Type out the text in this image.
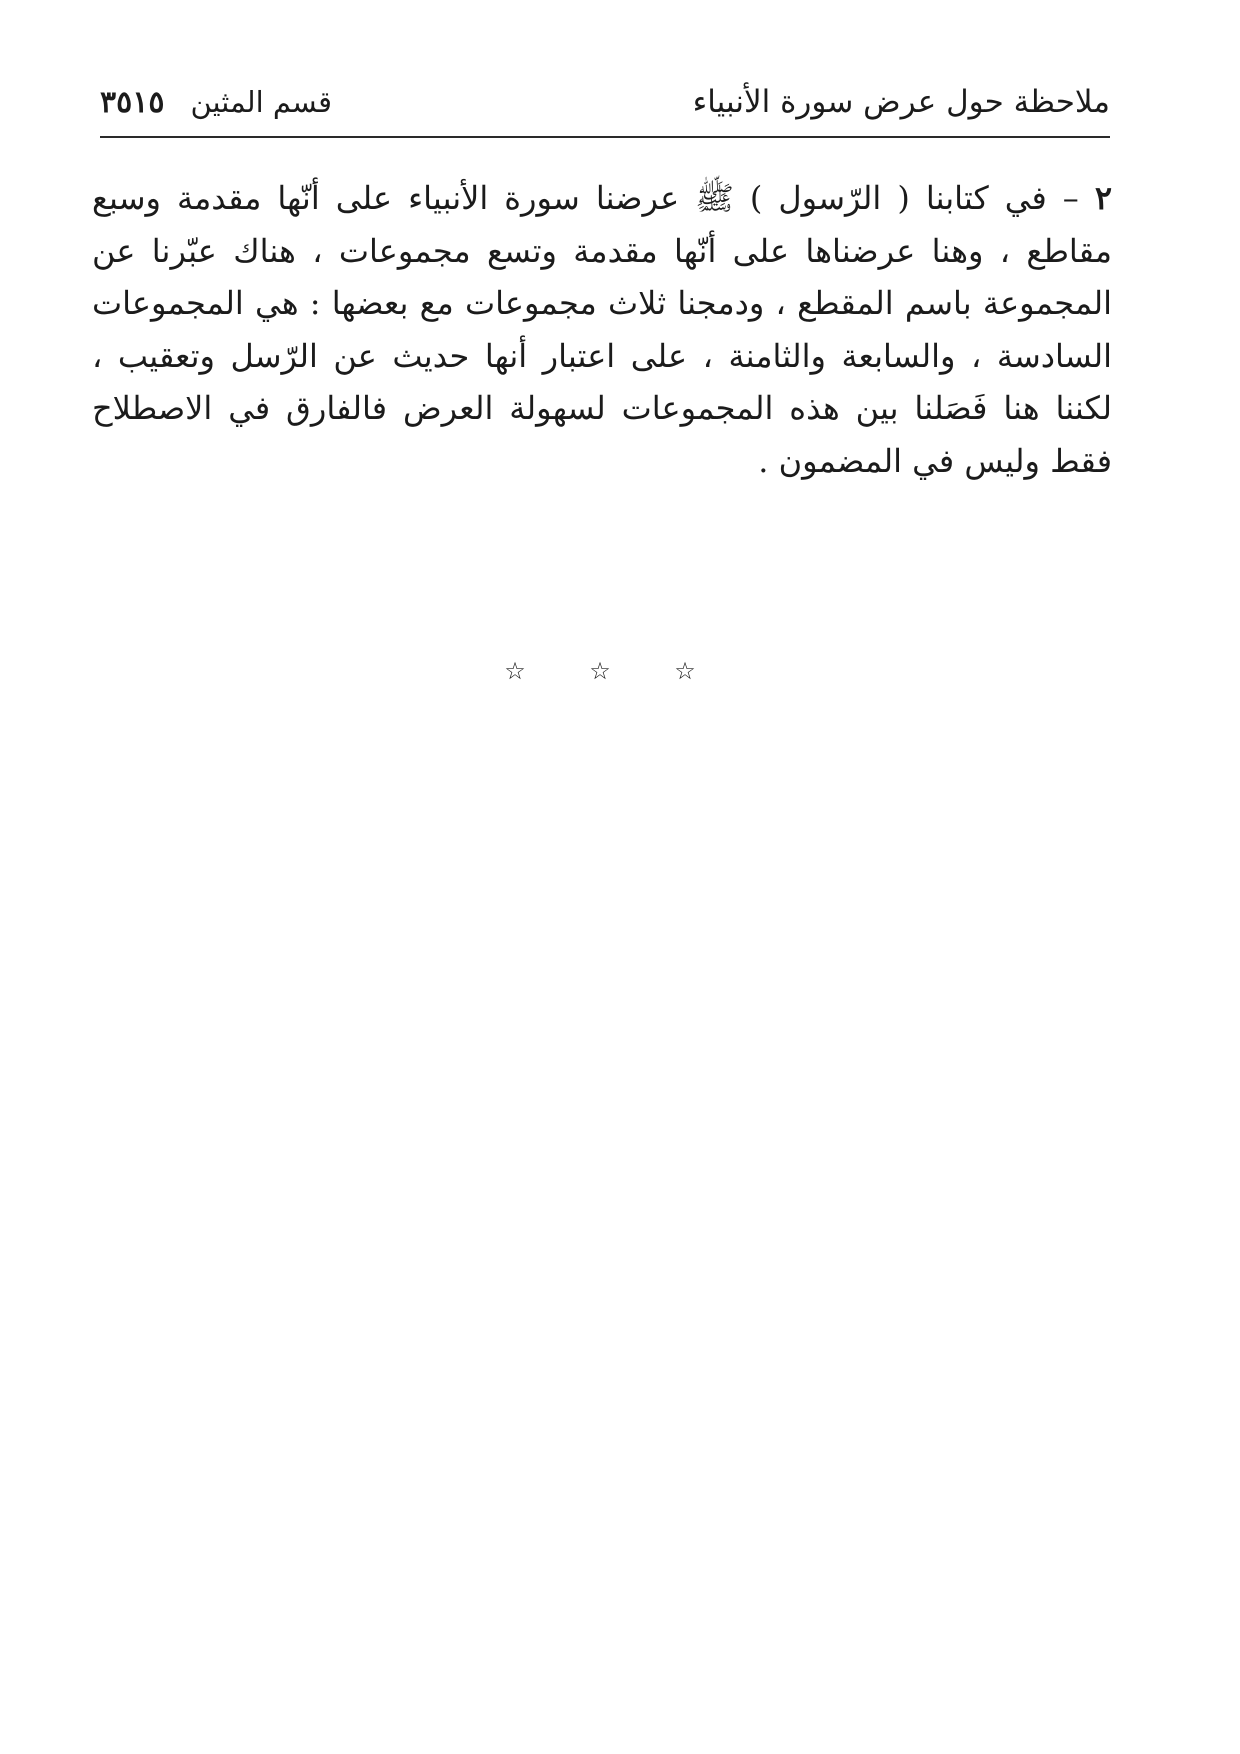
ملاحظة حول عرض سورة الأنبياء
قسم المثين
٣٥١٥

٢ – في كتابنا ( الرّسول ) ﷺ عرضنا سورة الأنبياء على أنّها مقدمة وسبع مقاطع ، وهنا عرضناها على أنّها مقدمة وتسع مجموعات ، هناك عبّرنا عن المجموعة باسم المقطع ، ودمجنا ثلاث مجموعات مع بعضها : هي المجموعات السادسة ، والسابعة والثامنة ، على اعتبار أنها حديث عن الرّسل وتعقيب ، لكننا هنا فَصَلنا بين هذه المجموعات لسهولة العرض فالفارق في الاصطلاح فقط وليس في المضمون .

☆	☆	☆
